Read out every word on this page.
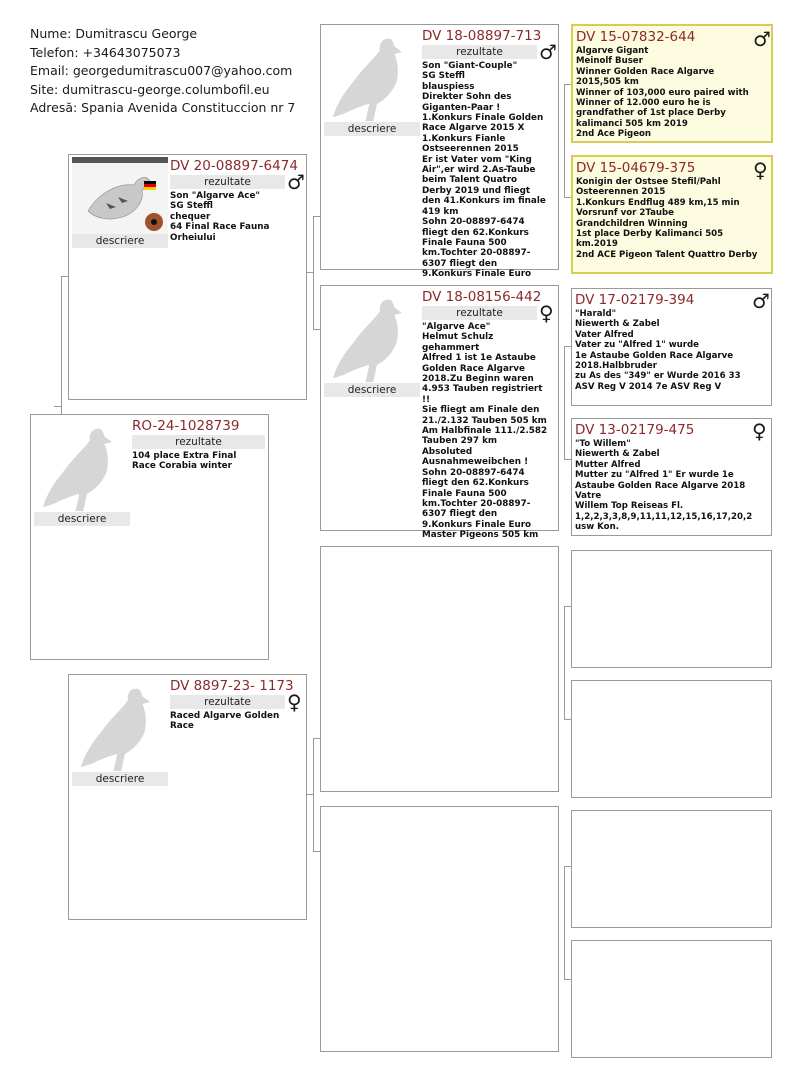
Nume: Dumitrascu George
Telefon: +34643075073
Email: georgedumitrascu007@yahoo.com
Site: dumitrascu-george.columbofil.eu
Adresă: Spania Avenida Constituccion nr 7
descriere
RO-24-1028739
rezultate
104 place Extra Final
Race Corabia winter
descriere
DV 20-08897-6474
♂
rezultate
Son "Algarve Ace"
SG Steffl
chequer
64 Final Race Fauna
Orheiului
descriere
DV 8897-23- 1173
♀
rezultate
Raced Algarve Golden
Race
descriere
DV 18-08897-713
♂
rezultate
Son "Giant-Couple"
SG Steffl
blauspiess
Direkter Sohn des
Giganten-Paar !
1.Konkurs Finale Golden
Race Algarve 2015 X
1.Konkurs Fianle
Ostseerennen 2015
Er ist Vater vom "King
Air",er wird 2.As-Taube
beim Talent Quatro
Derby 2019 und fliegt
den 41.Konkurs im finale
419 km
Sohn 20-08897-6474
fliegt den 62.Konkurs
Finale Fauna 500
km.Tochter 20-08897-
6307 fliegt den
9.Konkurs Finale Euro
descriere
DV 18-08156-442
♀
rezultate
"Algarve Ace"
Helmut Schulz
gehammert
Alfred 1 ist 1e Astaube
Golden Race Algarve
2018.Zu Beginn waren
4.953 Tauben registriert
!!
Sie fliegt am Finale den
21./2.132 Tauben 505 km
Am Halbfinale 111./2.582
Tauben 297 km
Absoluted
Ausnahmeweibchen !
Sohn 20-08897-6474
fliegt den 62.Konkurs
Finale Fauna 500
km.Tochter 20-08897-
6307 fliegt den
9.Konkurs Finale Euro
Master Pigeons 505 km
DV 15-07832-644	♂
Algarve Gigant
Meinolf Buser
Winner Golden Race Algarve
2015,505 km
Winner of 103,000 euro paired with
Winner of 12.000 euro he is
grandfather of 1st place Derby
kalimanci 505 km 2019
2nd Ace Pigeon
DV 15-04679-375	♀
Konigin der Ostsee Stefil/Pahl
Osteerennen 2015
1.Konkurs Endflug 489 km,15 min
Vorsrunf vor 2Taube
Grandchildren Winning
1st place Derby Kalimanci 505
km.2019
2nd ACE Pigeon Talent Quattro Derby
DV 17-02179-394	♂
"Harald"
Niewerth & Zabel
Vater Alfred
Vater zu "Alfred 1" wurde
1e Astaube Golden Race Algarve
2018.Halbbruder
zu As des "349" er Wurde 2016 33
ASV Reg V 2014 7e ASV Reg V
DV 13-02179-475	♀
"To Willem"
Niewerth & Zabel
Mutter Alfred
Mutter zu "Alfred 1" Er wurde 1e
Astaube Golden Race Algarve 2018
Vatre
Willem Top Reiseas Fl.
1,2,2,3,3,8,9,11,11,12,15,16,17,20,2
usw Kon.
